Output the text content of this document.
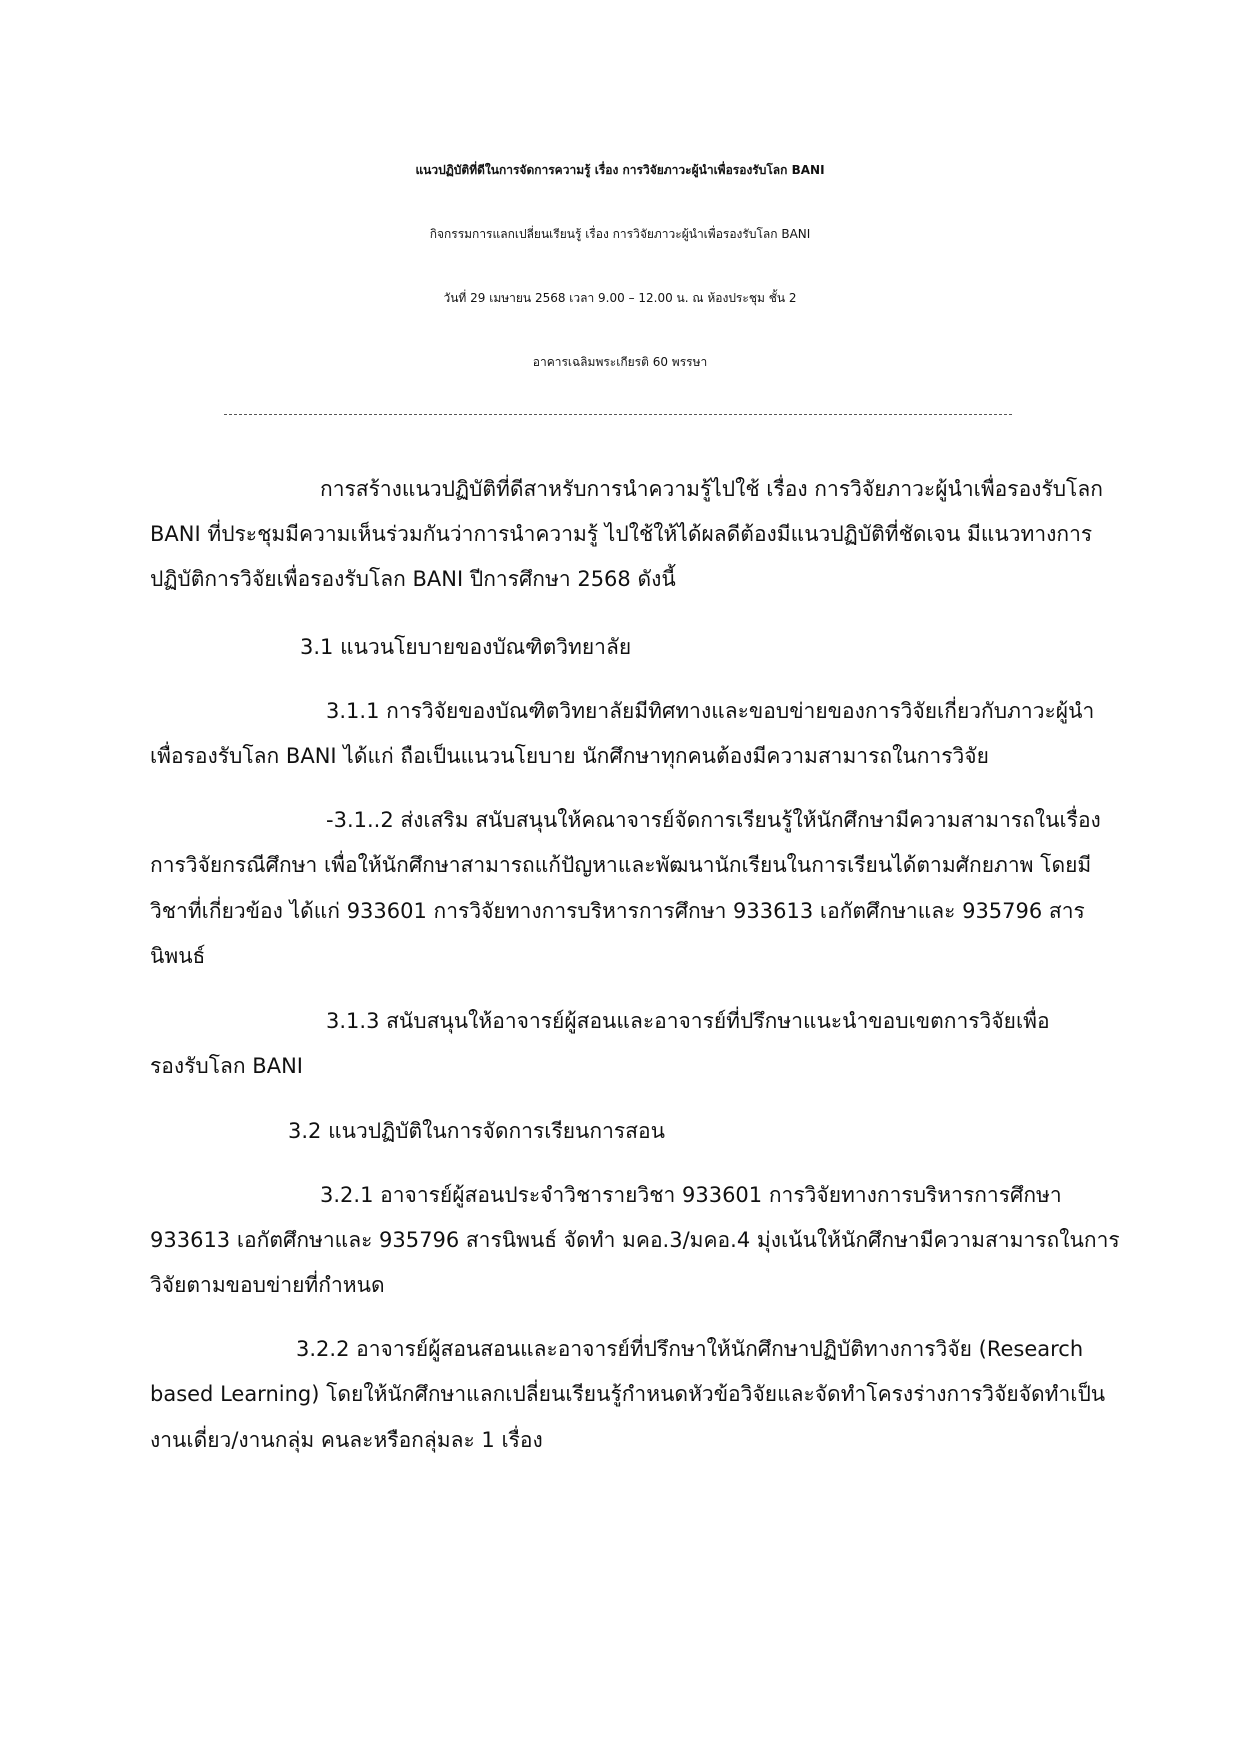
แนวปฏิบัติที่ดีในการจัดการความรู้ เรื่อง การวิจัยภาวะผู้นำเพื่อรองรับโลก BANI
กิจกรรมการแลกเปลี่ยนเรียนรู้ เรื่อง การวิจัยภาวะผู้นำเพื่อรองรับโลก BANI
วันที่ 29 เมษายน 2568 เวลา 9.00 – 12.00 น. ณ ห้องประชุม ชั้น 2
อาคารเฉลิมพระเกียรติ 60 พรรษา
การสร้างแนวปฏิบัติที่ดีสาหรับการนำความรู้ไปใช้ เรื่อง การวิจัยภาวะผู้นำเพื่อรองรับโลก
BANI ที่ประชุมมีความเห็นร่วมกันว่าการนำความรู้ ไปใช้ให้ได้ผลดีต้องมีแนวปฏิบัติที่ชัดเจน มีแนวทางการ
ปฏิบัติการวิจัยเพื่อรองรับโลก BANI ปีการศึกษา 2568 ดังนี้
3.1 แนวนโยบายของบัณฑิตวิทยาลัย
3.1.1 การวิจัยของบัณฑิตวิทยาลัยมีทิศทางและขอบข่ายของการวิจัยเกี่ยวกับภาวะผู้นำ
เพื่อรองรับโลก BANI ได้แก่ ถือเป็นแนวนโยบาย นักศึกษาทุกคนต้องมีความสามารถในการวิจัย
-3.1..2 ส่งเสริม สนับสนุนให้คณาจารย์จัดการเรียนรู้ให้นักศึกษามีความสามารถในเรื่อง
การวิจัยกรณีศึกษา เพื่อให้นักศึกษาสามารถแก้ปัญหาและพัฒนานักเรียนในการเรียนได้ตามศักยภาพ โดยมี
วิชาที่เกี่ยวข้อง ได้แก่ 933601 การวิจัยทางการบริหารการศึกษา 933613 เอกัตศึกษาและ 935796 สาร
นิพนธ์
3.1.3 สนับสนุนให้อาจารย์ผู้สอนและอาจารย์ที่ปรึกษาแนะนำขอบเขตการวิจัยเพื่อ
รองรับโลก BANI
3.2 แนวปฏิบัติในการจัดการเรียนการสอน
3.2.1 อาจารย์ผู้สอนประจำวิชารายวิชา 933601 การวิจัยทางการบริหารการศึกษา
933613 เอกัตศึกษาและ 935796 สารนิพนธ์ จัดทำ มคอ.3/มคอ.4 มุ่งเน้นให้นักศึกษามีความสามารถในการ
วิจัยตามขอบข่ายที่กำหนด
3.2.2 อาจารย์ผู้สอนสอนและอาจารย์ที่ปรึกษาให้นักศึกษาปฏิบัติทางการวิจัย (Research
based Learning) โดยให้นักศึกษาแลกเปลี่ยนเรียนรู้กำหนดหัวข้อวิจัยและจัดทำโครงร่างการวิจัยจัดทำเป็น
งานเดี่ยว/งานกลุ่ม คนละหรือกลุ่มละ 1 เรื่อง
